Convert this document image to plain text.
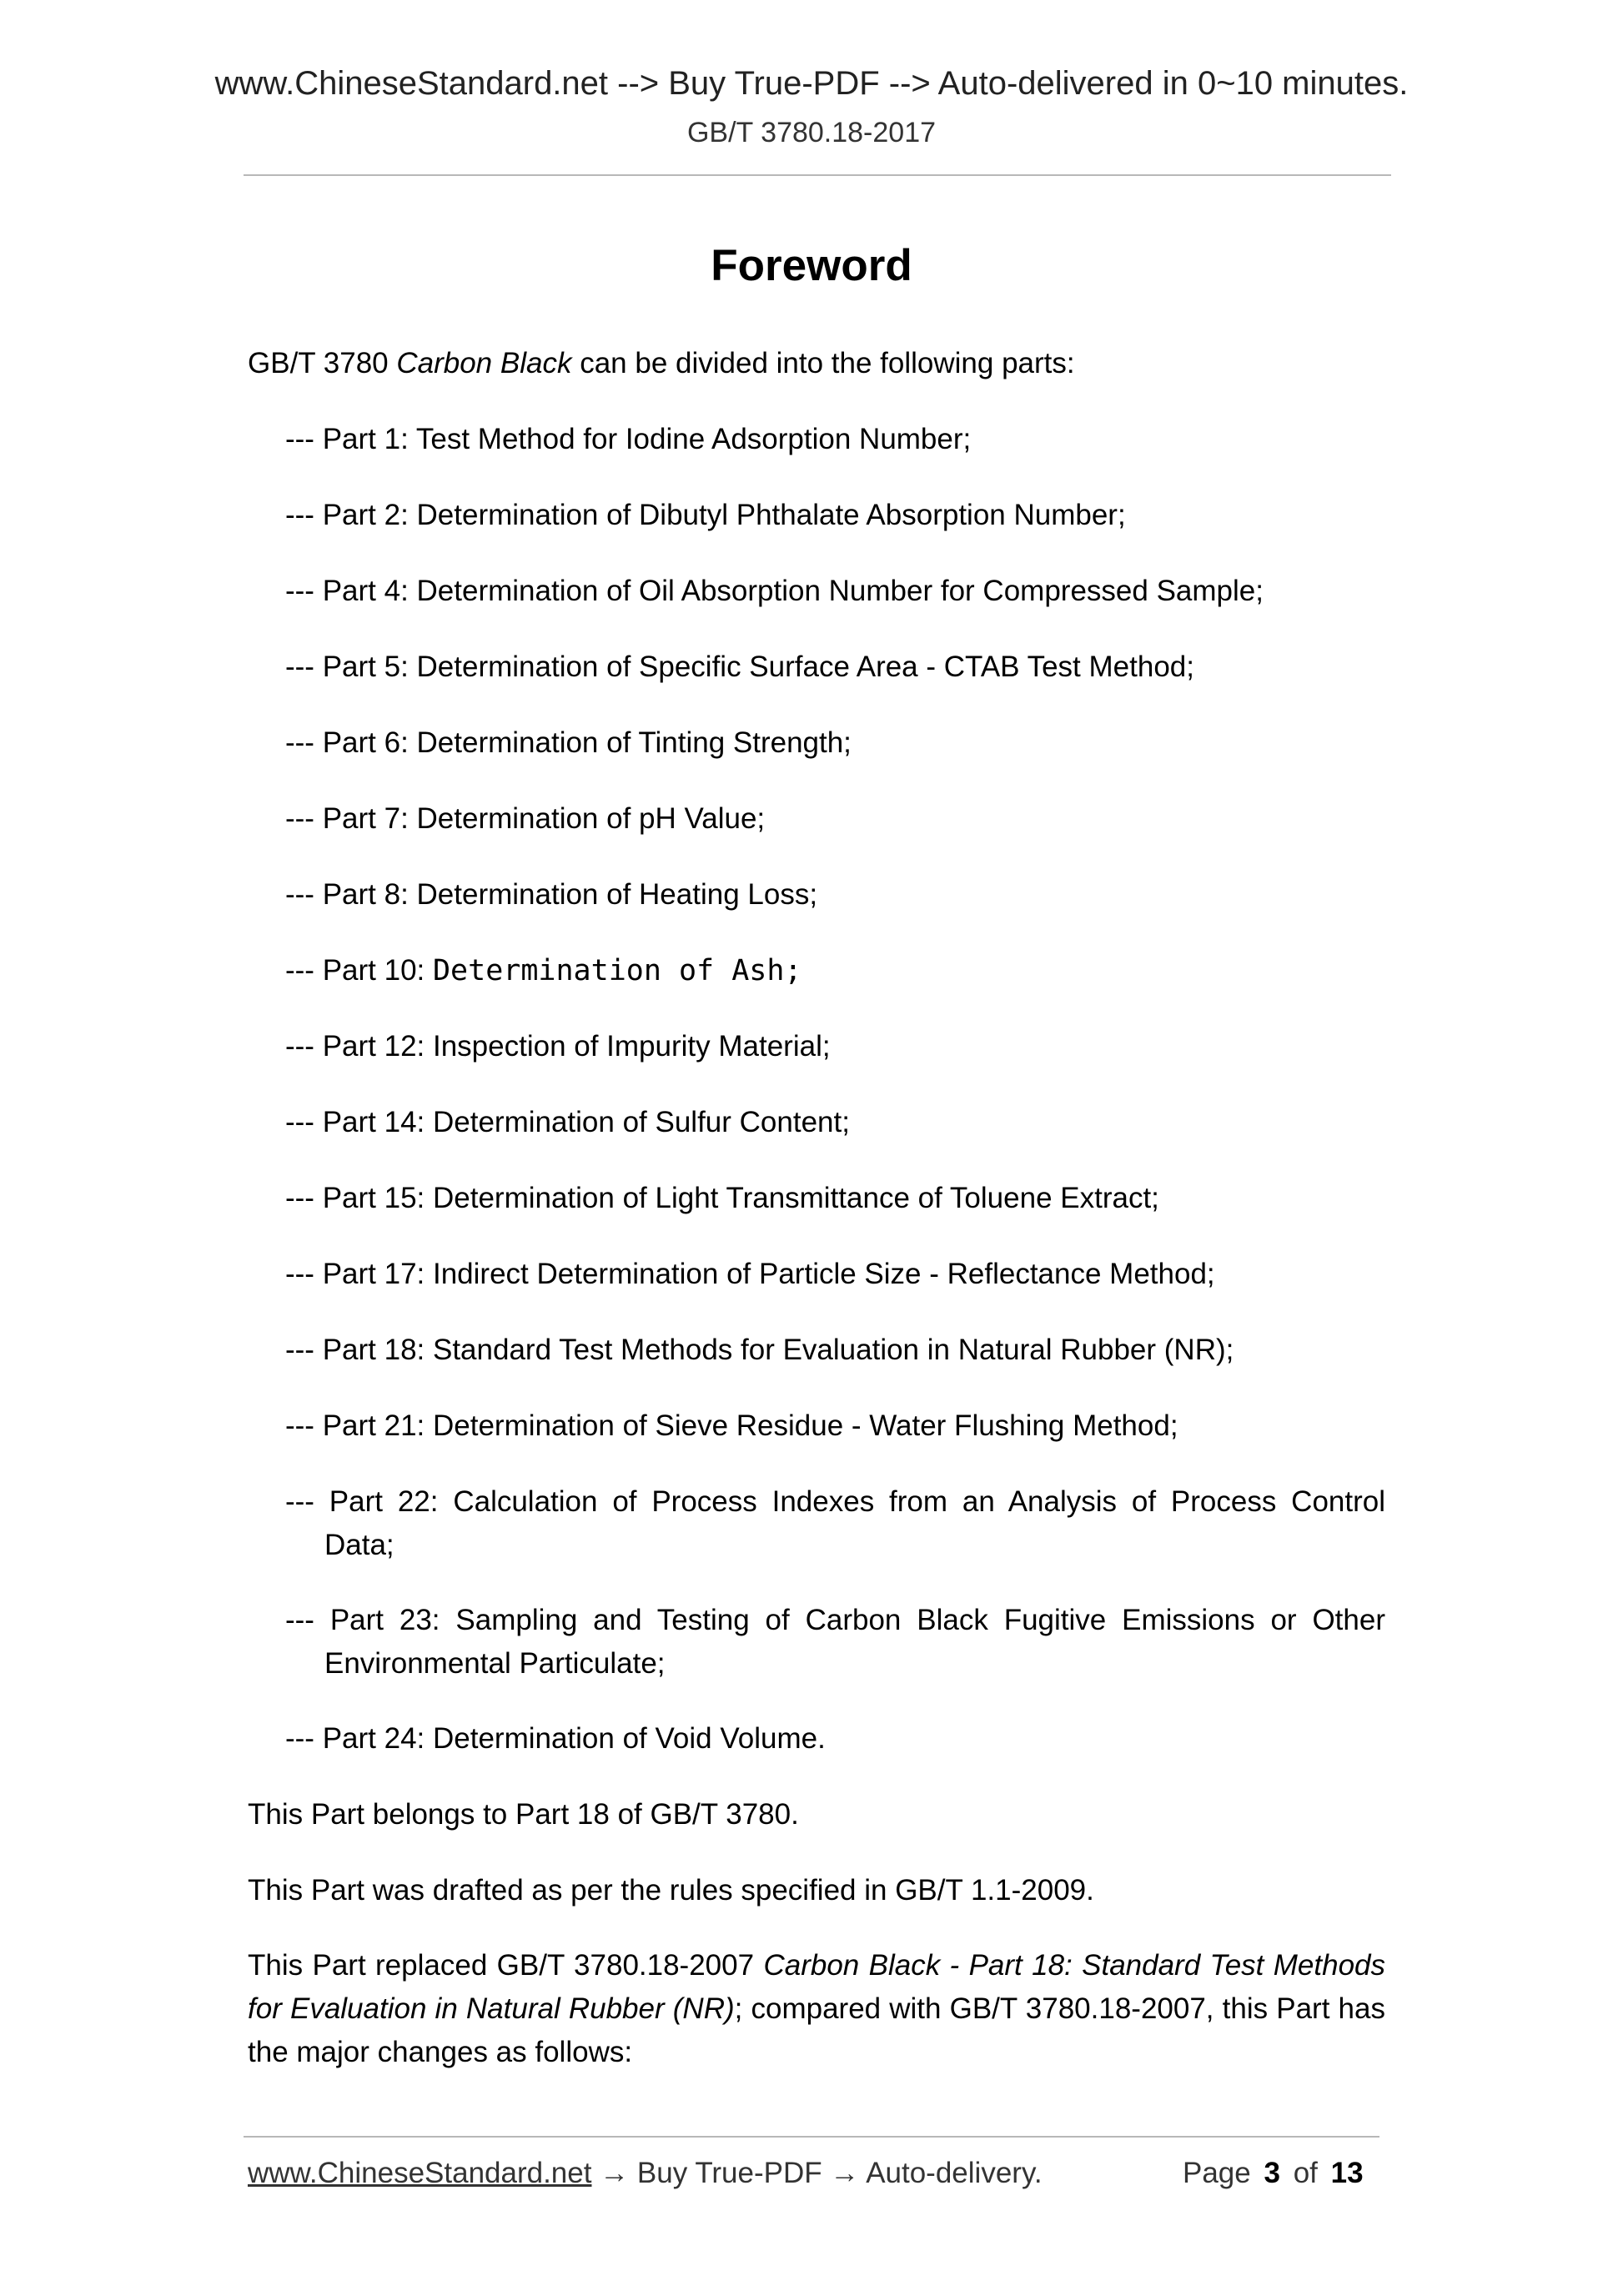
www.ChineseStandard.net --> Buy True-PDF --> Auto-delivered in 0~10 minutes.
GB/T 3780.18-2017
Foreword
GB/T 3780 Carbon Black can be divided into the following parts:
--- Part 1: Test Method for Iodine Adsorption Number;
--- Part 2: Determination of Dibutyl Phthalate Absorption Number;
--- Part 4: Determination of Oil Absorption Number for Compressed Sample;
--- Part 5: Determination of Specific Surface Area - CTAB Test Method;
--- Part 6: Determination of Tinting Strength;
--- Part 7: Determination of pH Value;
--- Part 8: Determination of Heating Loss;
--- Part 10: Determination of Ash;
--- Part 12: Inspection of Impurity Material;
--- Part 14: Determination of Sulfur Content;
--- Part 15: Determination of Light Transmittance of Toluene Extract;
--- Part 17: Indirect Determination of Particle Size - Reflectance Method;
--- Part 18: Standard Test Methods for Evaluation in Natural Rubber (NR);
--- Part 21: Determination of Sieve Residue - Water Flushing Method;
--- Part 22: Calculation of Process Indexes from an Analysis of Process Control
Data;
--- Part 23: Sampling and Testing of Carbon Black Fugitive Emissions or Other
Environmental Particulate;
--- Part 24: Determination of Void Volume.
This Part belongs to Part 18 of GB/T 3780.
This Part was drafted as per the rules specified in GB/T 1.1-2009.
This Part replaced GB/T 3780.18-2007 Carbon Black - Part 18: Standard Test Methods for Evaluation in Natural Rubber (NR); compared with GB/T 3780.18-2007, this Part has the major changes as follows:
www.ChineseStandard.net → Buy True-PDF → Auto-delivery.	Page 3 of 13
